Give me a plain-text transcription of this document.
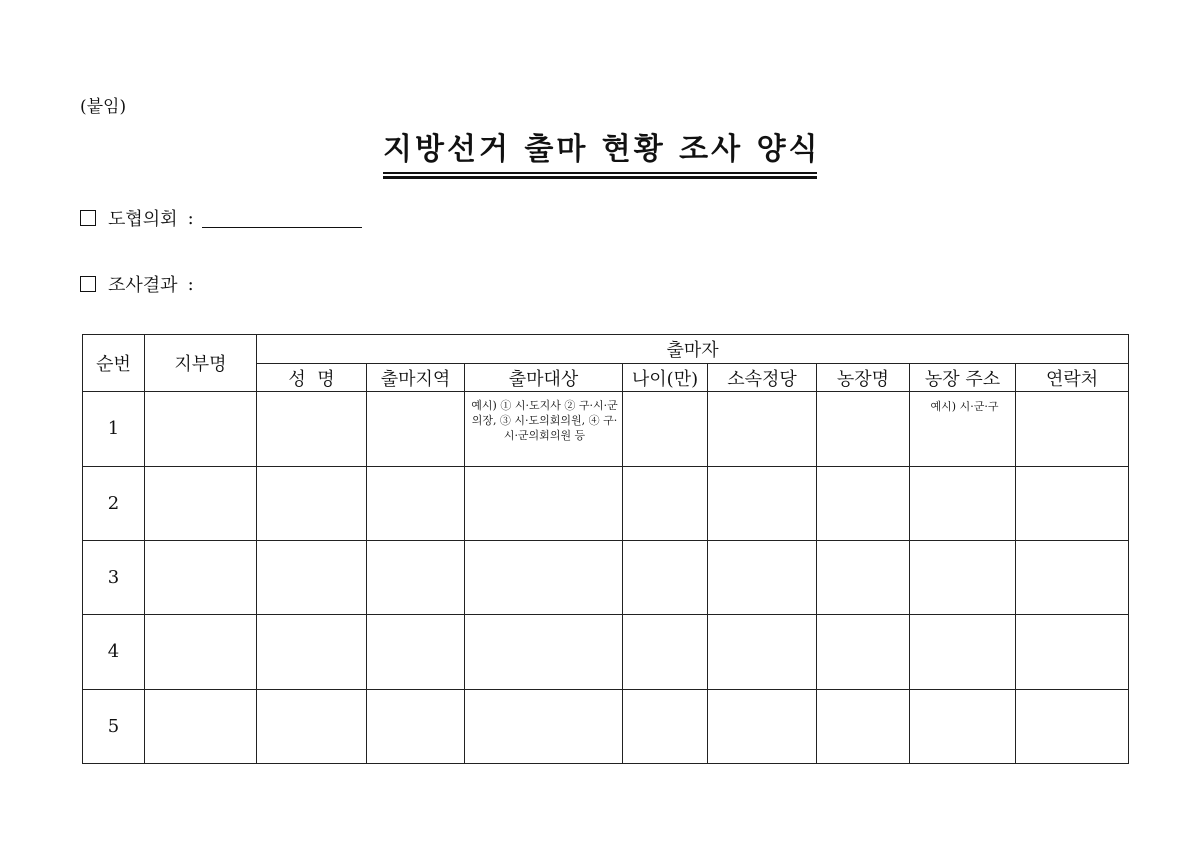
(붙임)
지방선거 출마 현황 조사 양식
도협의회 :
조사결과 :
순번	지부명	출마자							
		성  명	출마지역	출마대상	나이(만)	소속정당	농장명	농장 주소	연락처
1				예시) ① 시·도지사 ② 구·시·군의장, ③ 시·도의회의원, ④ 구·시·군의회의원 등				예시) 시·군·구	
2									
3									
4									
5									
